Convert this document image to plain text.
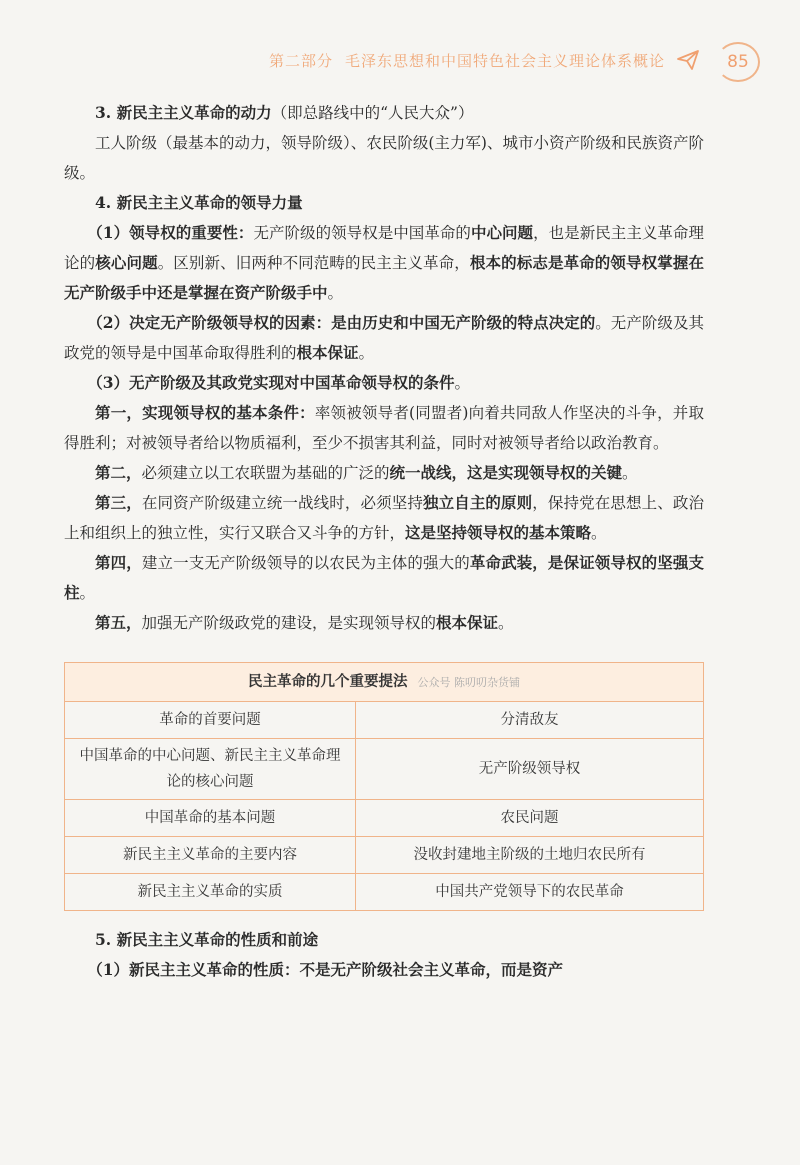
第二部分 毛泽东思想和中国特色社会主义理论体系概论	85

3. 新民主主义革命的动力（即总路线中的“人民大众”）

工人阶级（最基本的动力，领导阶级）、农民阶级(主力军)、城市小资产阶级和民族资产阶级。

4. 新民主主义革命的领导力量

（1）领导权的重要性：无产阶级的领导权是中国革命的中心问题，也是新民主主义革命理论的核心问题。区别新、旧两种不同范畴的民主主义革命，根本的标志是革命的领导权掌握在无产阶级手中还是掌握在资产阶级手中。

（2）决定无产阶级领导权的因素：是由历史和中国无产阶级的特点决定的。无产阶级及其政党的领导是中国革命取得胜利的根本保证。

（3）无产阶级及其政党实现对中国革命领导权的条件。

第一，实现领导权的基本条件：率领被领导者(同盟者)向着共同敌人作坚决的斗争，并取得胜利；对被领导者给以物质福利，至少不损害其利益，同时对被领导者给以政治教育。

第二，必须建立以工农联盟为基础的广泛的统一战线，这是实现领导权的关键。

第三，在同资产阶级建立统一战线时，必须坚持独立自主的原则，保持党在思想上、政治上和组织上的独立性，实行又联合又斗争的方针，这是坚持领导权的基本策略。

第四，建立一支无产阶级领导的以农民为主体的强大的革命武装，是保证领导权的坚强支柱。

第五，加强无产阶级政党的建设，是实现领导权的根本保证。

民主革命的几个重要提法 公众号 陈叨叨杂货铺	
革命的首要问题	分清敌友
中国革命的中心问题、新民主主义革命理论的核心问题	无产阶级领导权
中国革命的基本问题	农民问题
新民主主义革命的主要内容	没收封建地主阶级的土地归农民所有
新民主主义革命的实质	中国共产党领导下的农民革命

5. 新民主主义革命的性质和前途

（1）新民主主义革命的性质：不是无产阶级社会主义革命，而是资产
